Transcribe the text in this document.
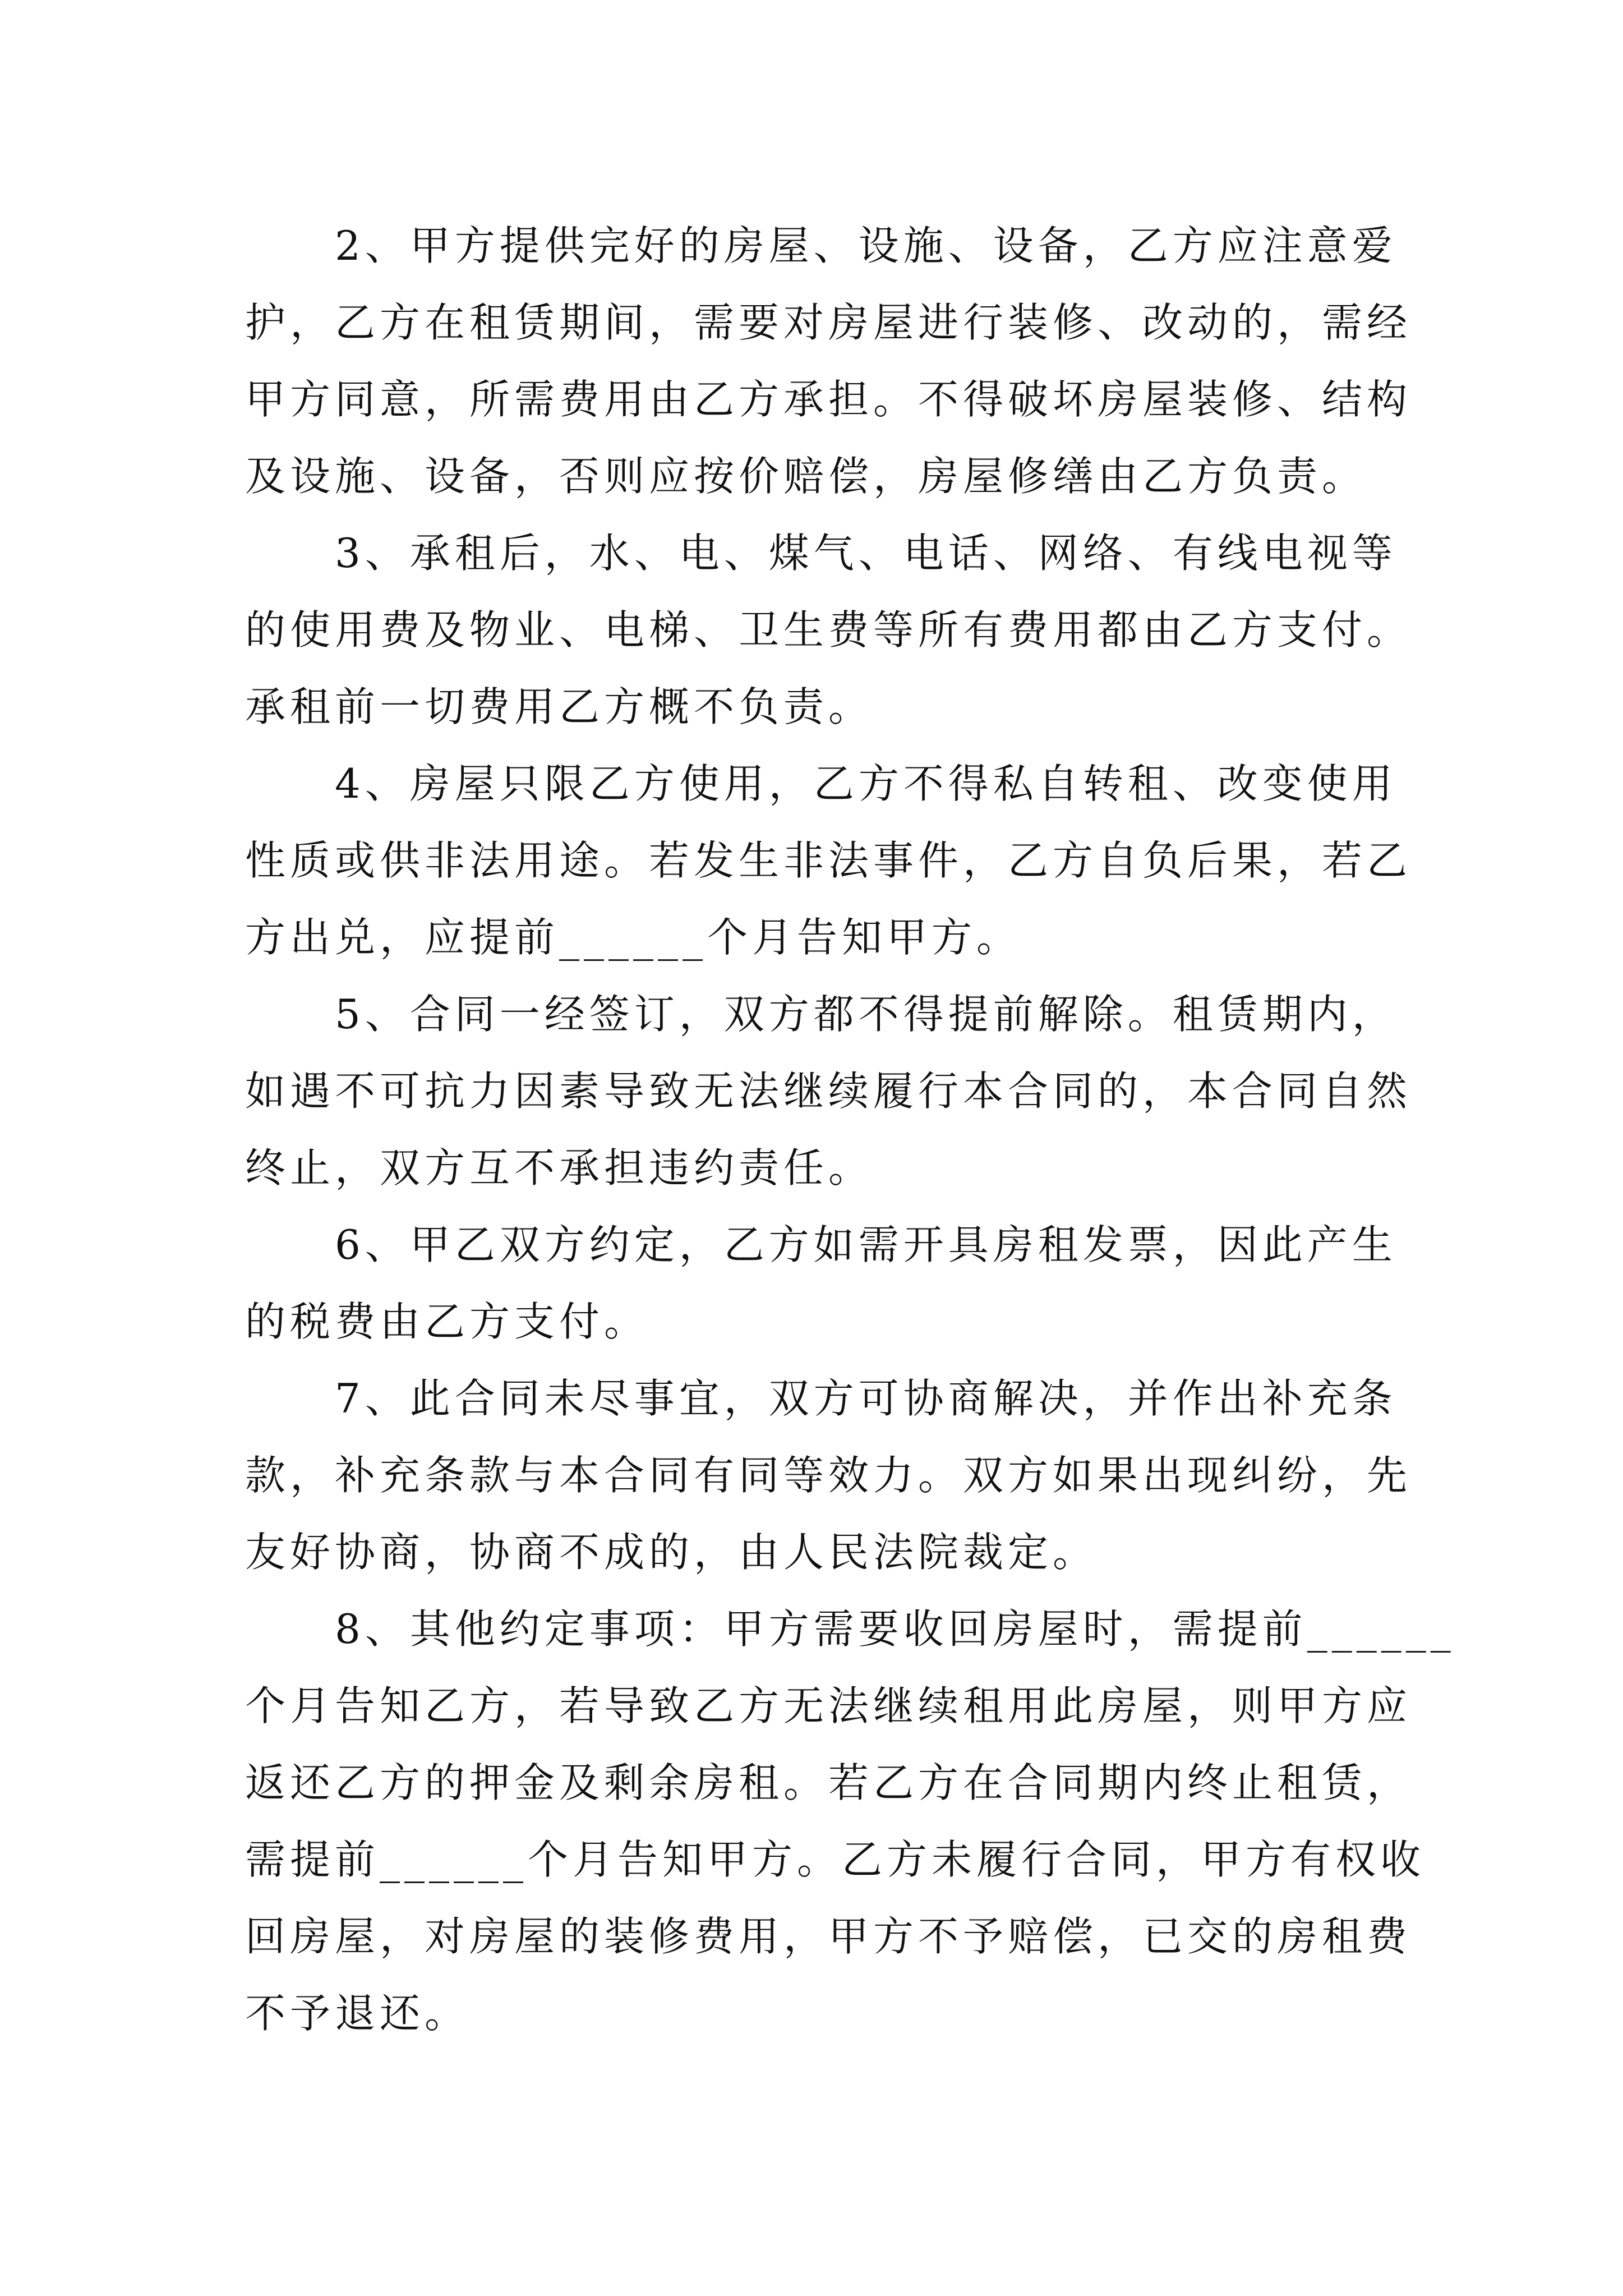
2、甲方提供完好的房屋、设施、设备，乙方应注意爱
护，乙方在租赁期间，需要对房屋进行装修、改动的，需经
甲方同意，所需费用由乙方承担。不得破坏房屋装修、结构
及设施、设备，否则应按价赔偿，房屋修缮由乙方负责。

3、承租后，水、电、煤气、电话、网络、有线电视等
的使用费及物业、电梯、卫生费等所有费用都由乙方支付。
承租前一切费用乙方概不负责。

4、房屋只限乙方使用，乙方不得私自转租、改变使用
性质或供非法用途。若发生非法事件，乙方自负后果，若乙
方出兑，应提前______个月告知甲方。

5、合同一经签订，双方都不得提前解除。租赁期内，
如遇不可抗力因素导致无法继续履行本合同的，本合同自然
终止，双方互不承担违约责任。

6、甲乙双方约定，乙方如需开具房租发票，因此产生
的税费由乙方支付。

7、此合同未尽事宜，双方可协商解决，并作出补充条
款，补充条款与本合同有同等效力。双方如果出现纠纷，先
友好协商，协商不成的，由人民法院裁定。

8、其他约定事项：甲方需要收回房屋时，需提前______
个月告知乙方，若导致乙方无法继续租用此房屋，则甲方应
返还乙方的押金及剩余房租。若乙方在合同期内终止租赁，
需提前______个月告知甲方。乙方未履行合同，甲方有权收
回房屋，对房屋的装修费用，甲方不予赔偿，已交的房租费
不予退还。
